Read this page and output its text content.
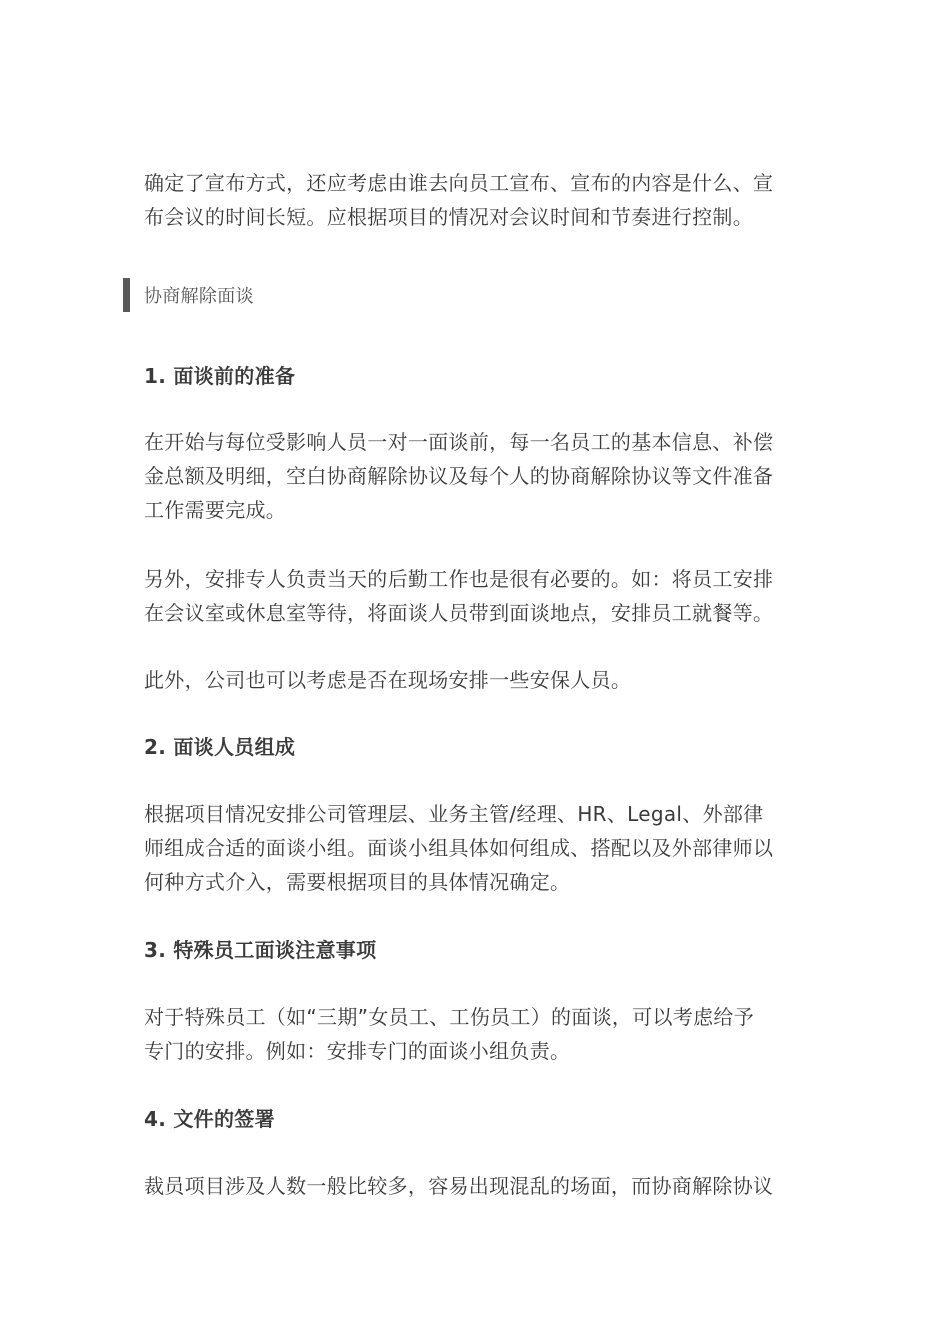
确定了宣布方式，还应考虑由谁去向员工宣布、宣布的内容是什么、宣
布会议的时间长短。应根据项目的情况对会议时间和节奏进行控制。

协商解除面谈
1. 面谈前的准备

在开始与每位受影响人员一对一面谈前，每一名员工的基本信息、补偿
金总额及明细，空白协商解除协议及每个人的协商解除协议等文件准备
工作需要完成。

另外，安排专人负责当天的后勤工作也是很有必要的。如：将员工安排
在会议室或休息室等待，将面谈人员带到面谈地点，安排员工就餐等。

此外，公司也可以考虑是否在现场安排一些安保人员。

2. 面谈人员组成

根据项目情况安排公司管理层、业务主管/经理、HR、Legal、外部律
师组成合适的面谈小组。面谈小组具体如何组成、搭配以及外部律师以
何种方式介入，需要根据项目的具体情况确定。

3. 特殊员工面谈注意事项

对于特殊员工（如“三期”女员工、工伤员工）的面谈，可以考虑给予
专门的安排。例如：安排专门的面谈小组负责。

4. 文件的签署

裁员项目涉及人数一般比较多，容易出现混乱的场面，而协商解除协议
